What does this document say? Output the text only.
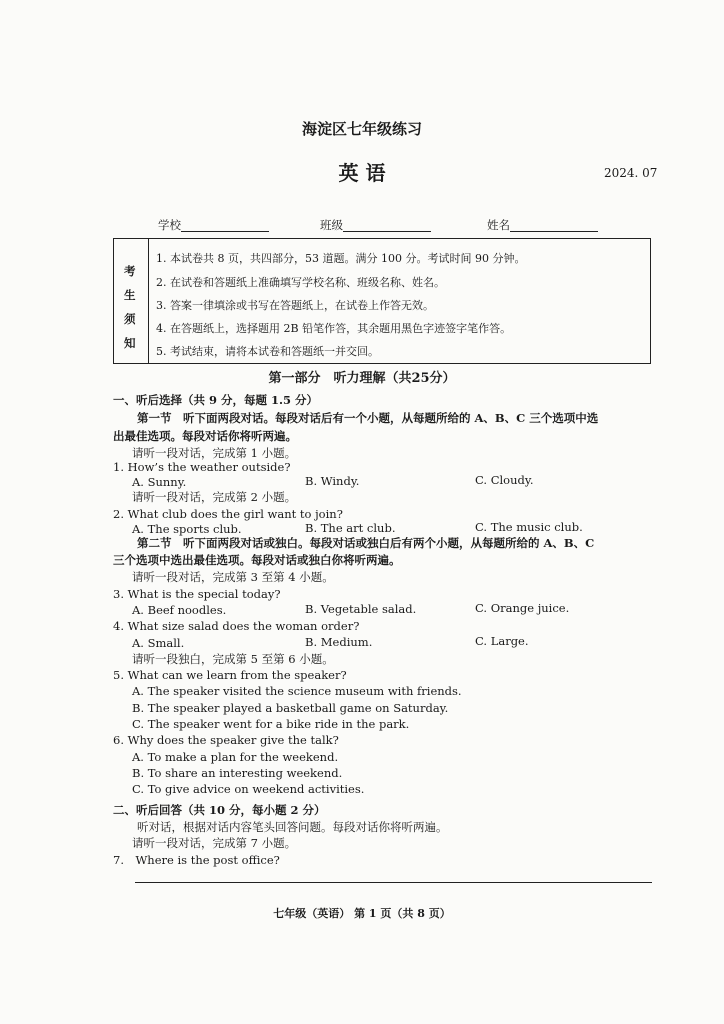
海淀区七年级练习
英 语	2024. 07
学校	班级	姓名
考
生
须
知
1. 本试卷共 8 页，共四部分，53 道题。满分 100 分。考试时间 90 分钟。
2. 在试卷和答题纸上准确填写学校名称、班级名称、姓名。
3. 答案一律填涂或书写在答题纸上，在试卷上作答无效。
4. 在答题纸上，选择题用 2B 铅笔作答，其余题用黑色字迹签字笔作答。
5. 考试结束，请将本试卷和答题纸一并交回。
第一部分　听力理解（共25分）
一、听后选择（共 9 分，每题 1.5 分）
第一节　听下面两段对话。每段对话后有一个小题，从每题所给的 A、B、C 三个选项中选
出最佳选项。每段对话你将听两遍。
请听一段对话，完成第 1 小题。
1. How’s the weather outside?
A. Sunny.	B. Windy.	C. Cloudy.
请听一段对话，完成第 2 小题。
2. What club does the girl want to join?
A. The sports club.	B. The art club.	C. The music club.
第二节　听下面两段对话或独白。每段对话或独白后有两个小题，从每题所给的 A、B、C
三个选项中选出最佳选项。每段对话或独白你将听两遍。
请听一段对话，完成第 3 至第 4 小题。
3. What is the special today?
A. Beef noodles.	B. Vegetable salad.	C. Orange juice.
4. What size salad does the woman order?
A. Small.	B. Medium.	C. Large.
请听一段独白，完成第 5 至第 6 小题。
5. What can we learn from the speaker?
A. The speaker visited the science museum with friends.
B. The speaker played a basketball game on Saturday.
C. The speaker went for a bike ride in the park.
6. Why does the speaker give the talk?
A. To make a plan for the weekend.
B. To share an interesting weekend.
C. To give advice on weekend activities.
二、听后回答（共 10 分，每小题 2 分）
听对话，根据对话内容笔头回答问题。每段对话你将听两遍。
请听一段对话，完成第 7 小题。
7.　Where is the post office?
七年级（英语） 第 1 页（共 8 页）
